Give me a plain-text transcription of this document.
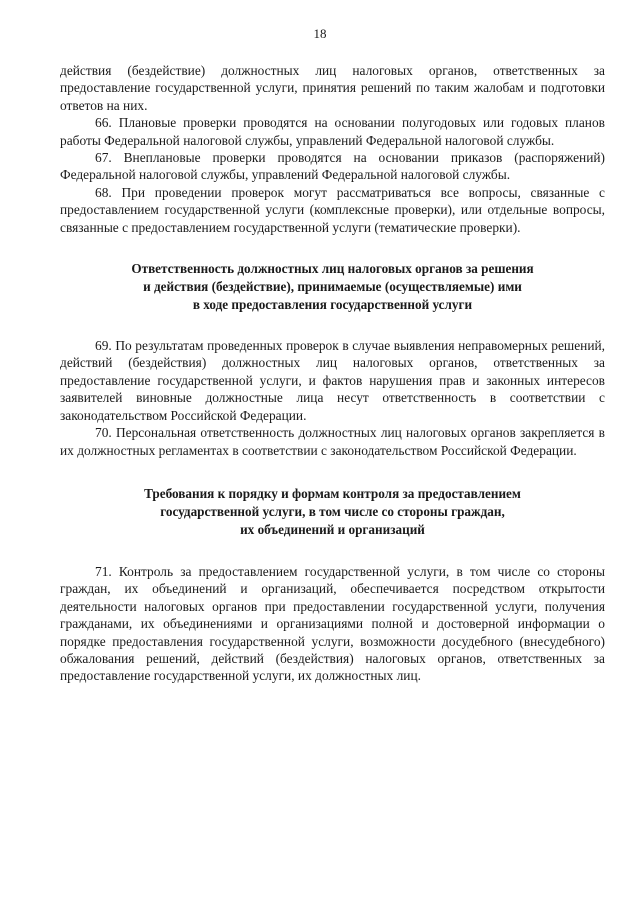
18

действия (бездействие) должностных лиц налоговых органов, ответственных за предоставление государственной услуги, принятия решений по таким жалобам и подготовки ответов на них.

66. Плановые проверки проводятся на основании полугодовых или годовых планов работы Федеральной налоговой службы, управлений Федеральной налоговой службы.

67. Внеплановые проверки проводятся на основании приказов (распоряжений) Федеральной налоговой службы, управлений Федеральной налоговой службы.

68. При проведении проверок могут рассматриваться все вопросы, связанные с предоставлением государственной услуги (комплексные проверки), или отдельные вопросы, связанные с предоставлением государственной услуги (тематические проверки).

Ответственность должностных лиц налоговых органов за решения
и действия (бездействие), принимаемые (осуществляемые) ими
в ходе предоставления государственной услуги

69. По результатам проведенных проверок в случае выявления неправомерных решений, действий (бездействия) должностных лиц налоговых органов, ответственных за предоставление государственной услуги, и фактов нарушения прав и законных интересов заявителей виновные должностные лица несут ответственность в соответствии с законодательством Российской Федерации.

70. Персональная ответственность должностных лиц налоговых органов закрепляется в их должностных регламентах в соответствии с законодательством Российской Федерации.

Требования к порядку и формам контроля за предоставлением
государственной услуги, в том числе со стороны граждан,
их объединений и организаций

71. Контроль за предоставлением государственной услуги, в том числе со стороны граждан, их объединений и организаций, обеспечивается посредством открытости деятельности налоговых органов при предоставлении государственной услуги, получения гражданами, их объединениями и организациями полной и достоверной информации о порядке предоставления государственной услуги, возможности досудебного (внесудебного) обжалования решений, действий (бездействия) налоговых органов, ответственных за предоставление государственной услуги, их должностных лиц.
